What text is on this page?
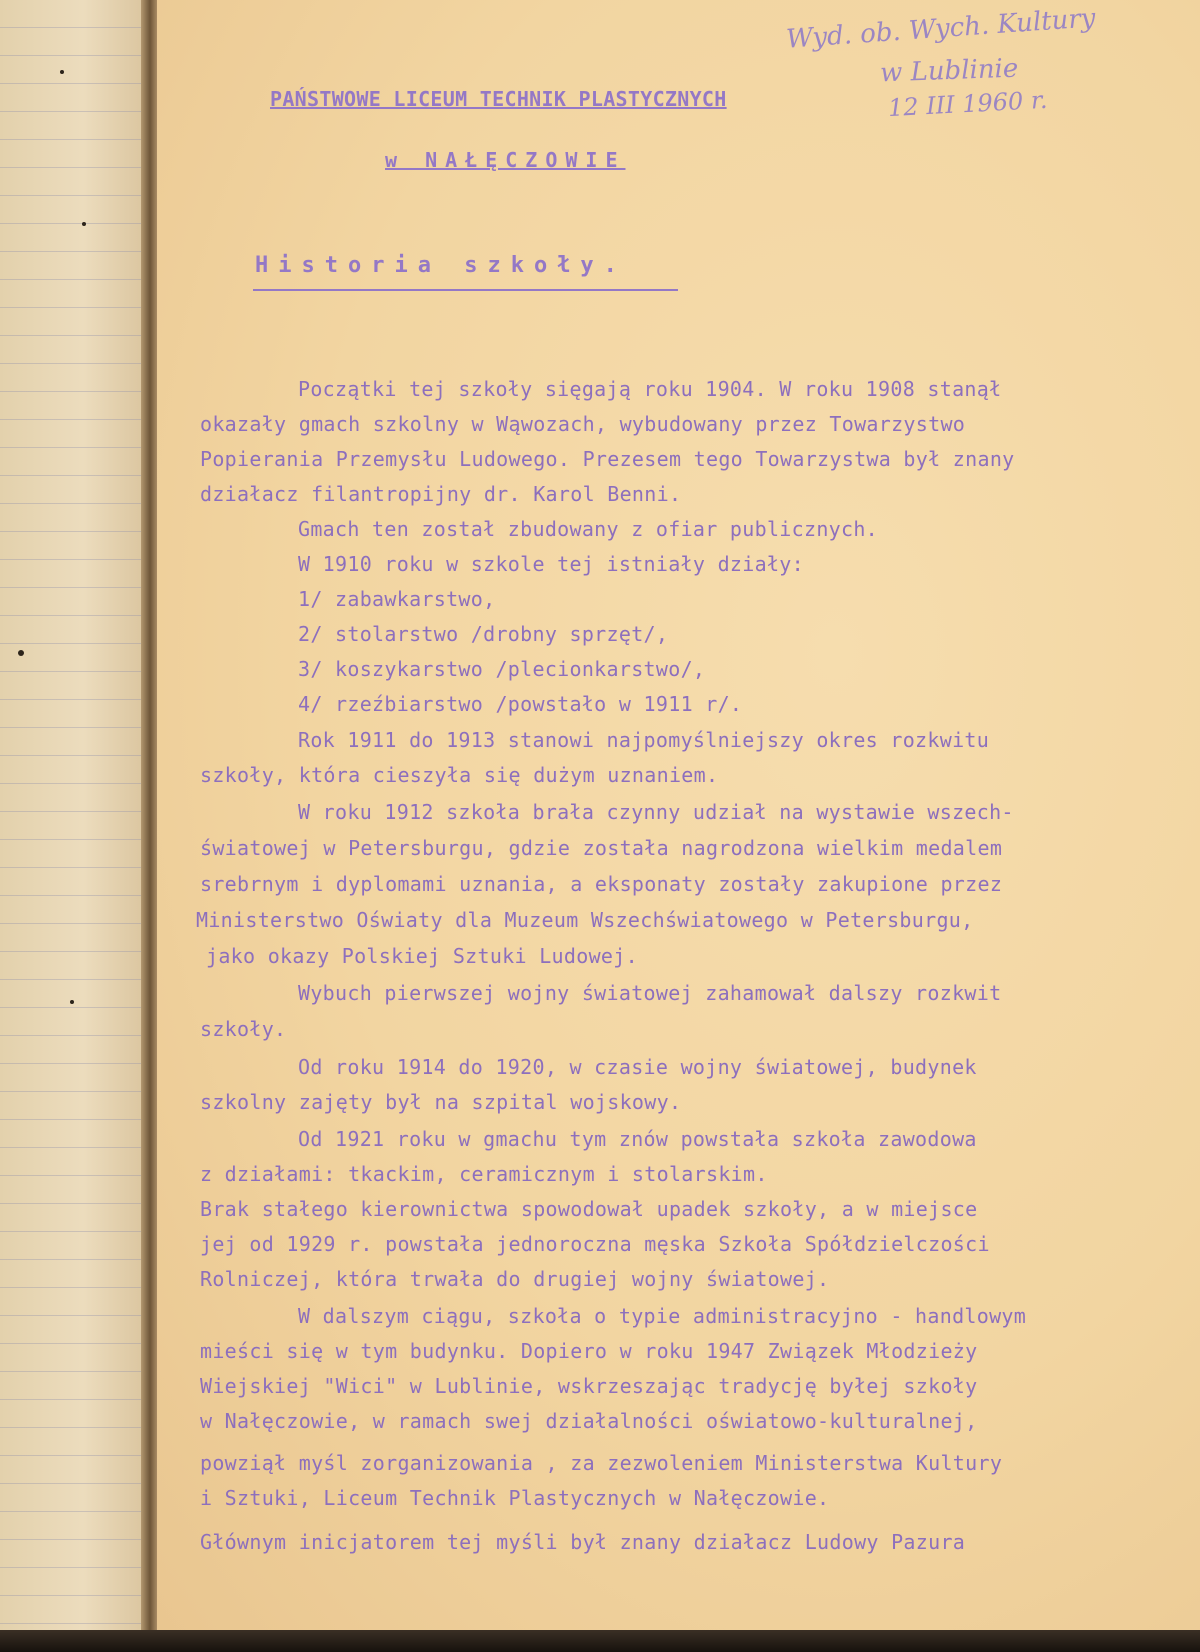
Wyd. ob. Wych. Kultury
w Lublinie
12 III 1960 r.
PAŃSTWOWE LICEUM TECHNIK PLASTYCZNYCH
w NAŁĘCZOWIE
Historia szkoły.
Początki tej szkoły sięgają roku 1904. W roku 1908 stanął
okazały gmach szkolny w Wąwozach, wybudowany przez Towarzystwo
Popierania Przemysłu Ludowego. Prezesem tego Towarzystwa był znany
działacz filantropijny dr. Karol Benni.
Gmach ten został zbudowany z ofiar publicznych.
W 1910 roku w szkole tej istniały działy:
1/ zabawkarstwo,
2/ stolarstwo /drobny sprzęt/,
3/ koszykarstwo /plecionkarstwo/,
4/ rzeźbiarstwo /powstało w 1911 r/.
Rok 1911 do 1913 stanowi najpomyślniejszy okres rozkwitu
szkoły, która cieszyła się dużym uznaniem.
W roku 1912 szkoła brała czynny udział na wystawie wszech-
światowej w Petersburgu, gdzie została nagrodzona wielkim medalem
srebrnym i dyplomami uznania, a eksponaty zostały zakupione przez
Ministerstwo Oświaty dla Muzeum Wszechświatowego w Petersburgu,
jako okazy Polskiej Sztuki Ludowej.
Wybuch pierwszej wojny światowej zahamował dalszy rozkwit
szkoły.
Od roku 1914 do 1920, w czasie wojny światowej, budynek
szkolny zajęty był na szpital wojskowy.
Od 1921 roku w gmachu tym znów powstała szkoła zawodowa
z działami: tkackim, ceramicznym i stolarskim.
Brak stałego kierownictwa spowodował upadek szkoły, a w miejsce
jej od 1929 r. powstała jednoroczna męska Szkoła Spółdzielczości
Rolniczej, która trwała do drugiej wojny światowej.
W dalszym ciągu, szkoła o typie administracyjno - handlowym
mieści się w tym budynku. Dopiero w roku 1947 Związek Młodzieży
Wiejskiej "Wici" w Lublinie, wskrzeszając tradycję byłej szkoły
w Nałęczowie, w ramach swej działalności oświatowo-kulturalnej,
powziął myśl zorganizowania , za zezwoleniem Ministerstwa Kultury
i Sztuki, Liceum Technik Plastycznych w Nałęczowie.
Głównym inicjatorem tej myśli był znany działacz Ludowy Pazura
